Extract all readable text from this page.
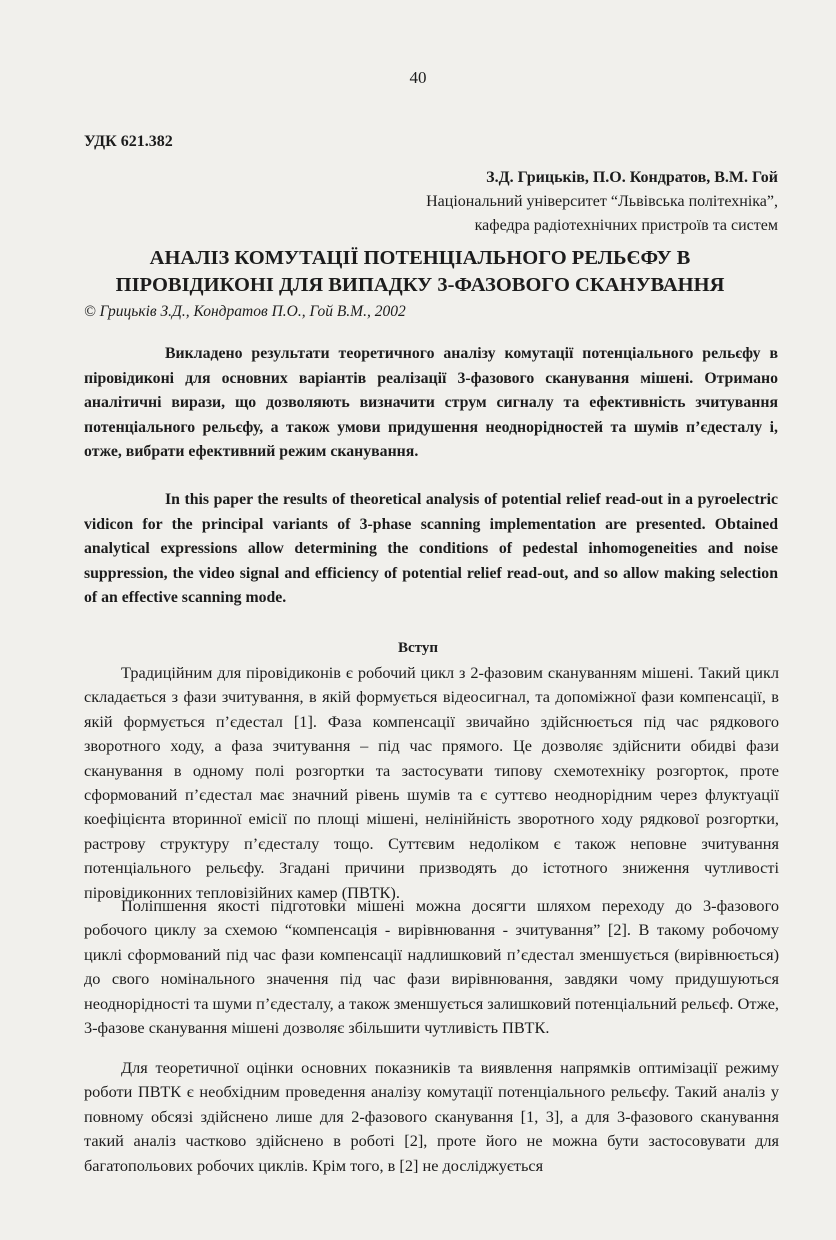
40
УДК 621.382
З.Д. Грицьків, П.О. Кондратов, В.М. Гой
Національний університет “Львівська політехніка”,
кафедра радіотехнічних пристроїв та систем
АНАЛІЗ КОМУТАЦІЇ ПОТЕНЦІАЛЬНОГО РЕЛЬЄФУ В
ПІРОВІДИКОНІ ДЛЯ ВИПАДКУ 3-ФАЗОВОГО СКАНУВАННЯ
© Грицьків З.Д., Кондратов П.О., Гой В.М., 2002

Викладено результати теоретичного аналізу комутації потенціального рельєфу в піровідиконі для основних варіантів реалізації 3-фазового сканування мішені. Отримано аналітичні вирази, що дозволяють визначити струм сигналу та ефективність зчитування потенціального рельєфу, а також умови придушення неоднорідностей та шумів п’єдесталу і, отже, вибрати ефективний режим сканування.

In this paper the results of theoretical analysis of potential relief read-out in a pyroelectric vidicon for the principal variants of 3-phase scanning implementation are presented. Obtained analytical expressions allow determining the conditions of pedestal inhomogeneities and noise suppression, the video signal and efficiency of potential relief read-out, and so allow making selection of an effective scanning mode.

Вступ

Традиційним для піровідиконів є робочий цикл з 2-фазовим скануванням мішені. Такий цикл складається з фази зчитування, в якій формується відеосигнал, та допоміжної фази компенсації, в якій формується п’єдестал [1]. Фаза компенсації звичайно здійснюється під час рядкового зворотного ходу, а фаза зчитування – під час прямого. Це дозволяє здійснити обидві фази сканування в одному полі розгортки та застосувати типову схемотехніку розгорток, проте сформований п’єдестал має значний рівень шумів та є суттєво неоднорідним через флуктуації коефіцієнта вторинної емісії по площі мішені, нелінійність зворотного ходу рядкової розгортки, растрову структуру п’єдесталу тощо. Суттєвим недоліком є також неповне зчитування потенціального рельєфу. Згадані причини призводять до істотного зниження чутливості піровідиконних тепловізійних камер (ПВТК).

Поліпшення якості підготовки мішені можна досягти шляхом переходу до 3-фазового робочого циклу за схемою “компенсація - вирівнювання - зчитування” [2]. В такому робочому циклі сформований під час фази компенсації надлишковий п’єдестал зменшується (вирівнюється) до свого номінального значення під час фази вирівнювання, завдяки чому придушуються неоднорідності та шуми п’єдесталу, а також зменшується залишковий потенціальний рельєф. Отже, 3-фазове сканування мішені дозволяє збільшити чутливість ПВТК.

Для теоретичної оцінки основних показників та виявлення напрямків оптимізації режиму роботи ПВТК є необхідним проведення аналізу комутації потенціального рельєфу. Такий аналіз у повному обсязі здійснено лише для 2-фазового сканування [1, 3], а для 3-фазового сканування такий аналіз частково здійснено в роботі [2], проте його не можна бути застосовувати для багатопольових робочих циклів. Крім того, в [2] не досліджується
